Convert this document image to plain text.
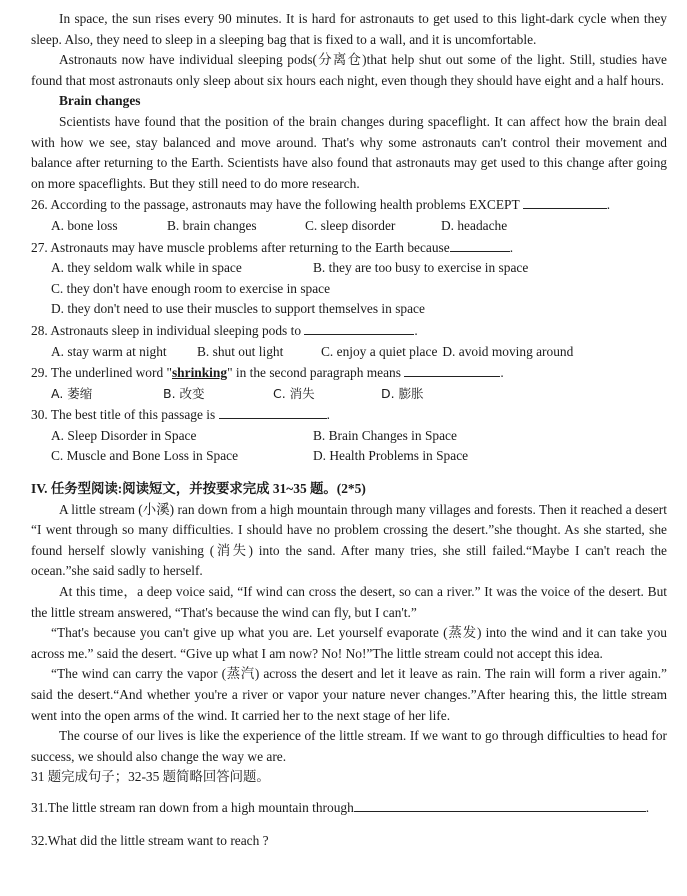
In space, the sun rises every 90 minutes. It is hard for astronauts to get used to this light-dark cycle when they sleep. Also, they need to sleep in a sleeping bag that is fixed to a wall, and it is uncomfortable.

Astronauts now have individual sleeping pods(分离仓)that help shut out some of the light. Still, studies have found that most astronauts only sleep about six hours each night, even though they should have eight and a half hours.

Brain changes

Scientists have found that the position of the brain changes during spaceflight. It can affect how the brain deal with how we see, stay balanced and move around. That's why some astronauts can't control their movement and balance after returning to the Earth. Scientists have also found that astronauts may get used to this change after going on more spaceflights. But they still need to do more research.

26. According to the passage, astronauts may have the following health problems EXCEPT	.

A. bone loss	B. brain changes	C. sleep disorder	D. headache

27. Astronauts may have muscle problems after returning to the Earth because	.

A. they seldom walk while in space	B. they are too busy to exercise in space
C. they don't have enough room to exercise in space
D. they don't need to use their muscles to support themselves in space

28. Astronauts sleep in individual sleeping pods to	.

A. stay warm at night	B. shut out light	C. enjoy a quiet place D. avoid moving around

29. The underlined word "shrinking" in the second paragraph means	.

A. 萎缩	B. 改变	C. 消失	D. 膨胀

30. The best title of this passage is	.

A. Sleep Disorder in Space	B. Brain Changes in Space
C. Muscle and Bone Loss in Space	D. Health Problems in Space

IV. 任务型阅读:阅读短文，并按要求完成 31~35 题。(2*5)

A little stream (小溪) ran down from a high mountain through many villages and forests. Then it reached a desert “I went through so many difficulties. I should have no problem crossing the desert.”she thought. As she started, she found herself slowly vanishing (消失) into the sand. After many tries, she still failed.“Maybe I can't reach the ocean.”she said sadly to herself.

At this time，a deep voice said, “If wind can cross the desert, so can a river.” It was the voice of the desert. But the little stream answered, “That's because the wind can fly, but I can't.”

“That's because you can't give up what you are. Let yourself evaporate (蒸发) into the wind and it can take you across me.” said the desert. “Give up what I am now? No! No!”The little stream could not accept this idea.

“The wind can carry the vapor (蒸汽) across the desert and let it leave as rain. The rain will form a river again.” said the desert.“And whether you're a river or vapor your nature never changes.”After hearing this, the little stream went into the open arms of the wind. It carried her to the next stage of her life.

The course of our lives is like the experience of the little stream. If we want to go through difficulties to head for success, we should also change the way we are.

31 题完成句子；32-35 题简略回答问题。

31.The little stream ran down from a high mountain through	.

32.What did the little stream want to reach ?
